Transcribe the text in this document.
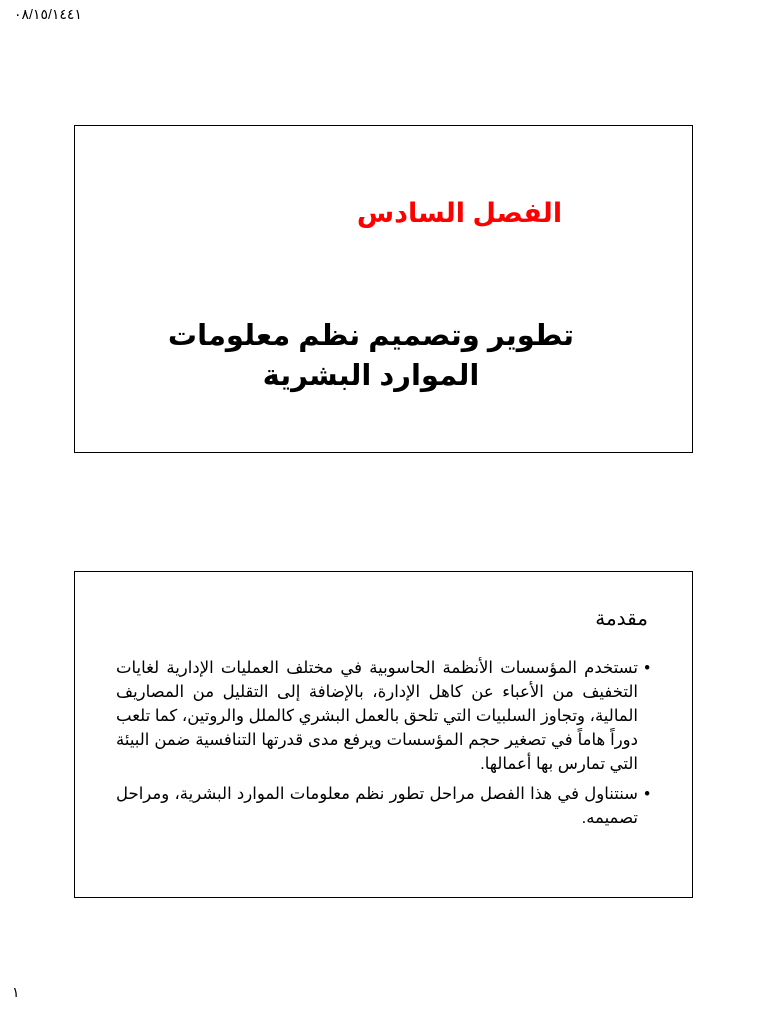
٠٨/١٥/١٤٤١
الفصل السادس
تطوير وتصميم نظم معلومات الموارد البشرية
مقدمة
•
تستخدم المؤسسات الأنظمة الحاسوبية في مختلف العمليات الإدارية لغايات التخفيف من الأعباء عن كاهل الإدارة، بالإضافة إلى التقليل من المصاريف المالية، وتجاوز السلبيات التي تلحق بالعمل البشري كالملل والروتين، كما تلعب دوراً هاماً في تصغير حجم المؤسسات ويرفع مدى قدرتها التنافسية ضمن البيئة التي تمارس بها أعمالها.
•
سنتناول في هذا الفصل مراحل تطور نظم معلومات الموارد البشرية، ومراحل تصميمه.
١
